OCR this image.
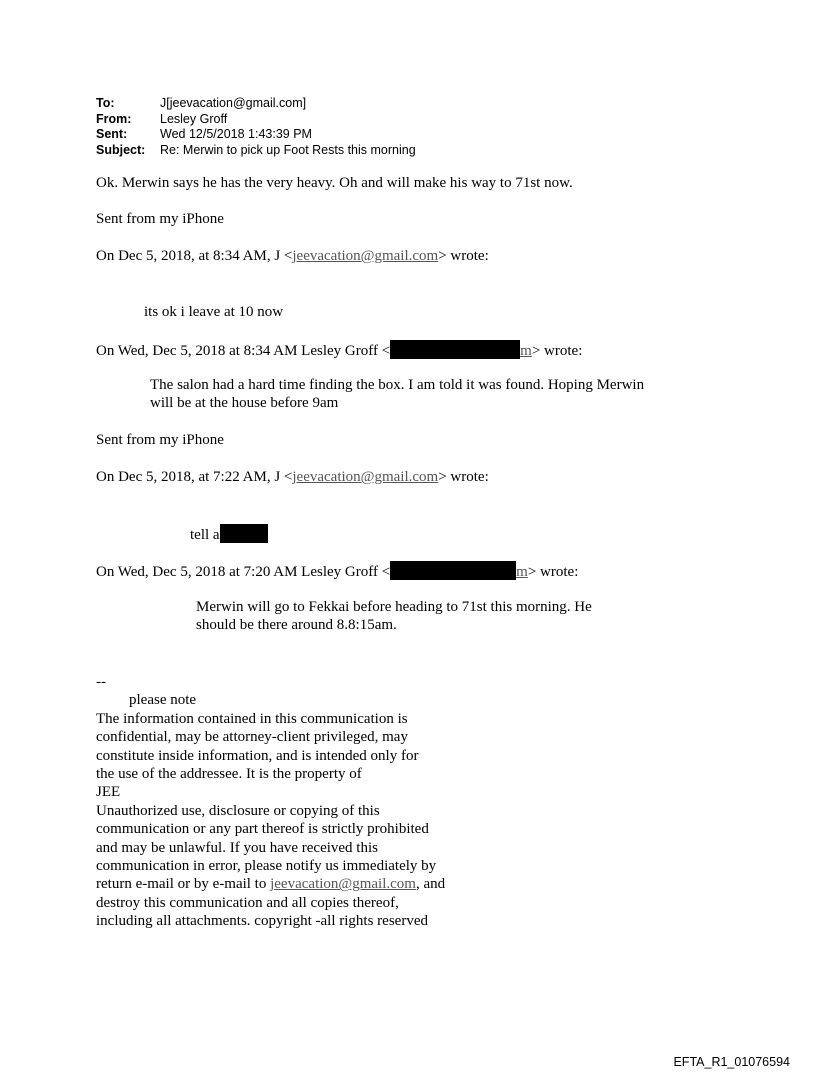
To:	J[jeevacation@gmail.com]
From:	Lesley Groff
Sent:	Wed 12/5/2018 1:43:39 PM
Subject:	Re: Merwin to pick up Foot Rests this morning
Ok. Merwin says he has the very heavy. Oh and will make his way to 71st now.
Sent from my iPhone
On Dec 5, 2018, at 8:34 AM, J <jeevacation@gmail.com> wrote:
its ok i leave at 10 now
On Wed, Dec 5, 2018 at 8:34 AM Lesley Groff <	m> wrote:
The salon had a hard time finding the box. I am told it was found. Hoping Merwin
will be at the house before 9am
Sent from my iPhone
On Dec 5, 2018, at 7:22 AM, J <jeevacation@gmail.com> wrote:
tell a
On Wed, Dec 5, 2018 at 7:20 AM Lesley Groff <	m> wrote:
Merwin will go to Fekkai before heading to 71st this morning. He
should be there around 8.8:15am.
--
please note
The information contained in this communication is
confidential, may be attorney-client privileged, may
constitute inside information, and is intended only for
the use of the addressee. It is the property of
JEE
Unauthorized use, disclosure or copying of this
communication or any part thereof is strictly prohibited
and may be unlawful. If you have received this
communication in error, please notify us immediately by
return e-mail or by e-mail to jeevacation@gmail.com, and
destroy this communication and all copies thereof,
including all attachments. copyright -all rights reserved
EFTA_R1_01076594
